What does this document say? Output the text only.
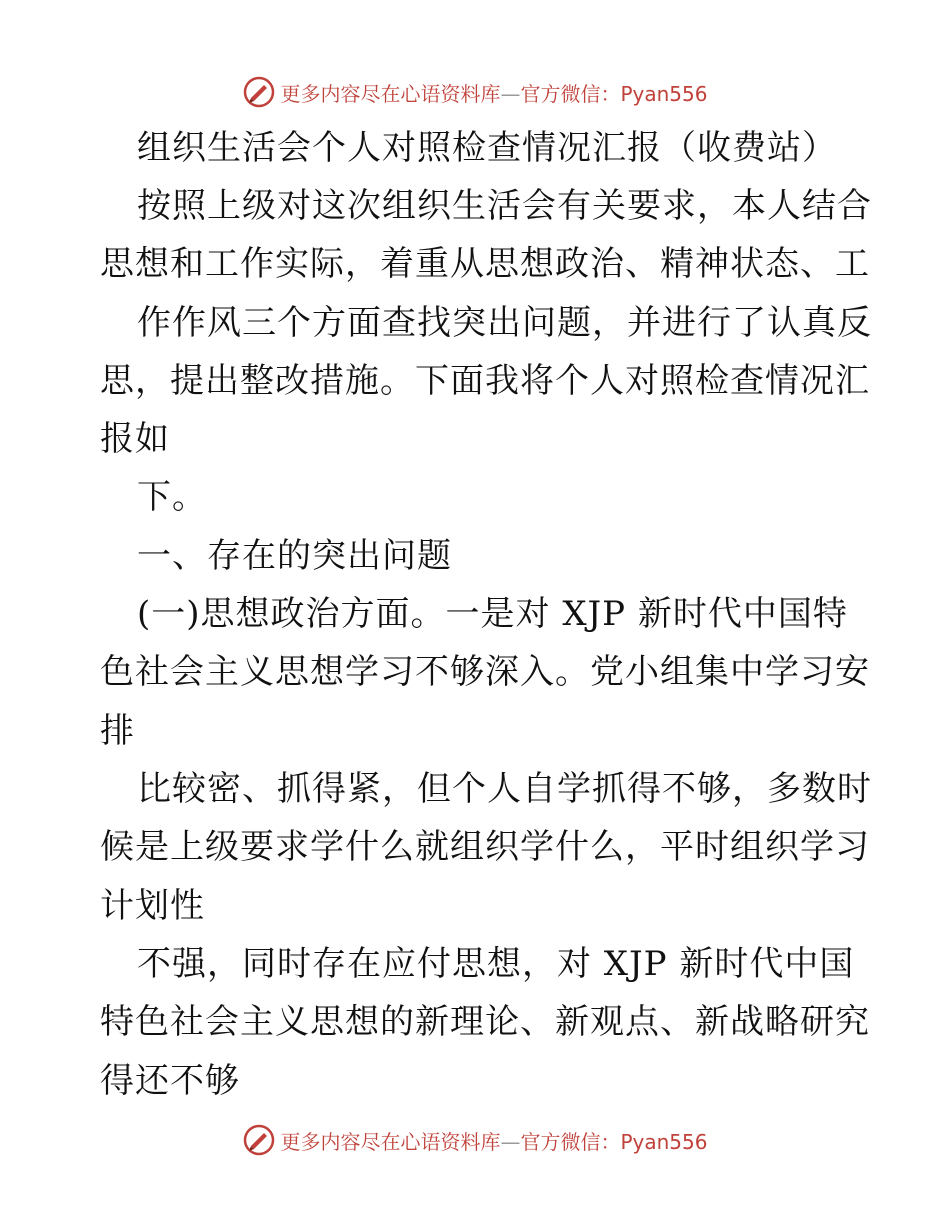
更多内容尽在心语资料库—官方微信：Pyan556
组织生活会个人对照检查情况汇报（收费站）
按照上级对这次组织生活会有关要求，本人结合
思想和工作实际，着重从思想政治、精神状态、工
作作风三个方面查找突出问题，并进行了认真反
思，提出整改措施。下面我将个人对照检查情况汇
报如
下。
一、存在的突出问题
(一)思想政治方面。一是对 XJP 新时代中国特
色社会主义思想学习不够深入。党小组集中学习安
排
比较密、抓得紧，但个人自学抓得不够，多数时
候是上级要求学什么就组织学什么，平时组织学习
计划性
不强，同时存在应付思想，对 XJP 新时代中国
特色社会主义思想的新理论、新观点、新战略研究
得还不够
更多内容尽在心语资料库—官方微信：Pyan556
